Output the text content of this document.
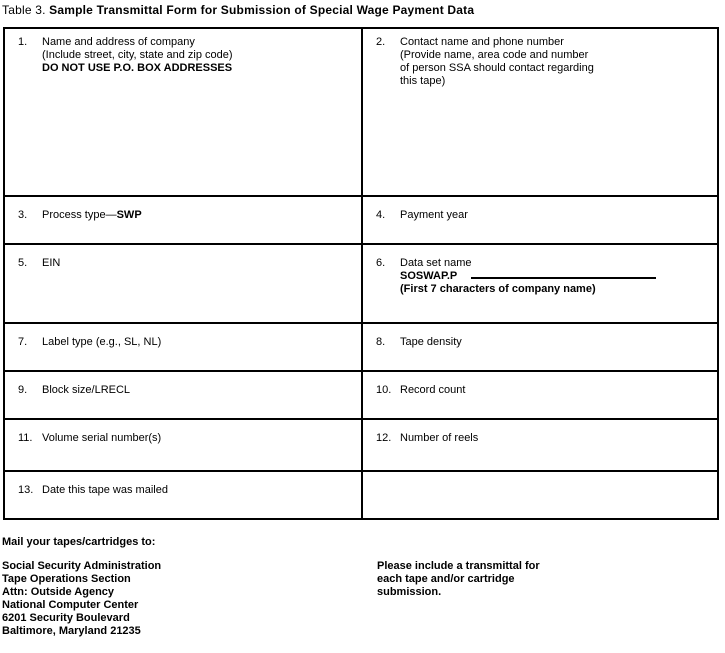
Table 3. Sample Transmittal Form for Submission of Special Wage Payment Data
1.	Name and address of company
(Include street, city, state and zip code)
DO NOT USE P.O. BOX ADDRESSES
2.	Contact name and phone number
(Provide name, area code and number
of person SSA should contact regarding
this tape)
3.	Process type—SWP	4.	Payment year
5.	EIN	6.	Data set name
SOSWAP.P
(First 7 characters of company name)
7.	Label type (e.g., SL, NL)	8.	Tape density
9.	Block size/LRECL	10. Record count
11. Volume serial number(s)	12. Number of reels
13. Date this tape was mailed
Mail your tapes/cartridges to:
Social Security Administration
Tape Operations Section
Attn: Outside Agency
National Computer Center
6201 Security Boulevard
Baltimore, Maryland 21235
Please include a transmittal for
each tape and/or cartridge
submission.
